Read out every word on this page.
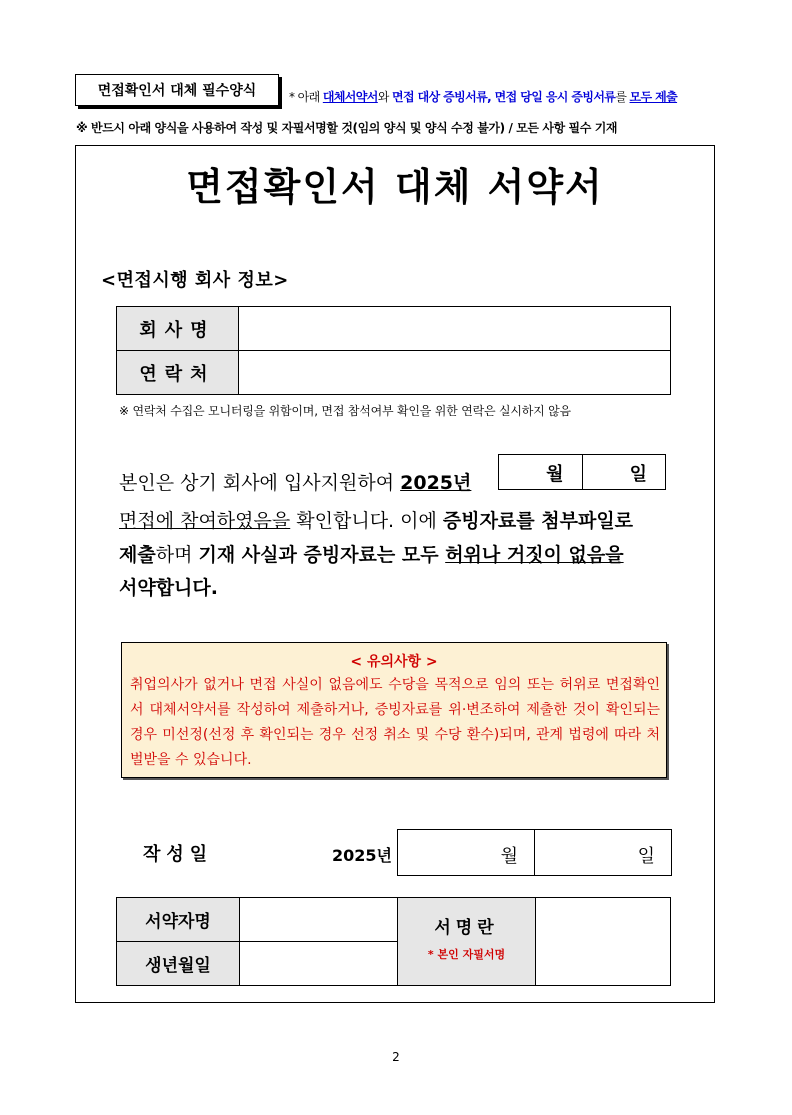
면접확인서 대체 필수양식	* 아래 대체서약서와 면접 대상 증빙서류, 면접 당일 응시 증빙서류를 모두 제출
※ 반드시 아래 양식을 사용하여 작성 및 자필서명할 것(임의 양식 및 양식 수정 불가) / 모든 사항 필수 기재
면접확인서 대체 서약서
<면접시행 회사 정보>
회사명	
연락처	
※ 연락처 수집은 모니터링을 위함이며, 면접 참석여부 확인을 위한 연락은 실시하지 않음
본인은 상기 회사에 입사지원하여 2025년	월	일
면접에 참여하였음을 확인합니다. 이에 증빙자료를 첨부파일로
제출하며 기재 사실과 증빙자료는 모두 허위나 거짓이 없음을
서약합니다.
< 유의사항 >
취업의사가 없거나 면접 사실이 없음에도 수당을 목적으로 임의 또는 허위로 면접확인서 대체서약서를 작성하여 제출하거나, 증빙자료를 위·변조하여 제출한 것이 확인되는 경우 미선정(선정 후 확인되는 경우 선정 취소 및 수당 환수)되며, 관계 법령에 따라 처벌받을 수 있습니다.
작성일	2025년	월	일
서약자명		서명란
* 본인 자필서명	

생년월일			
2
